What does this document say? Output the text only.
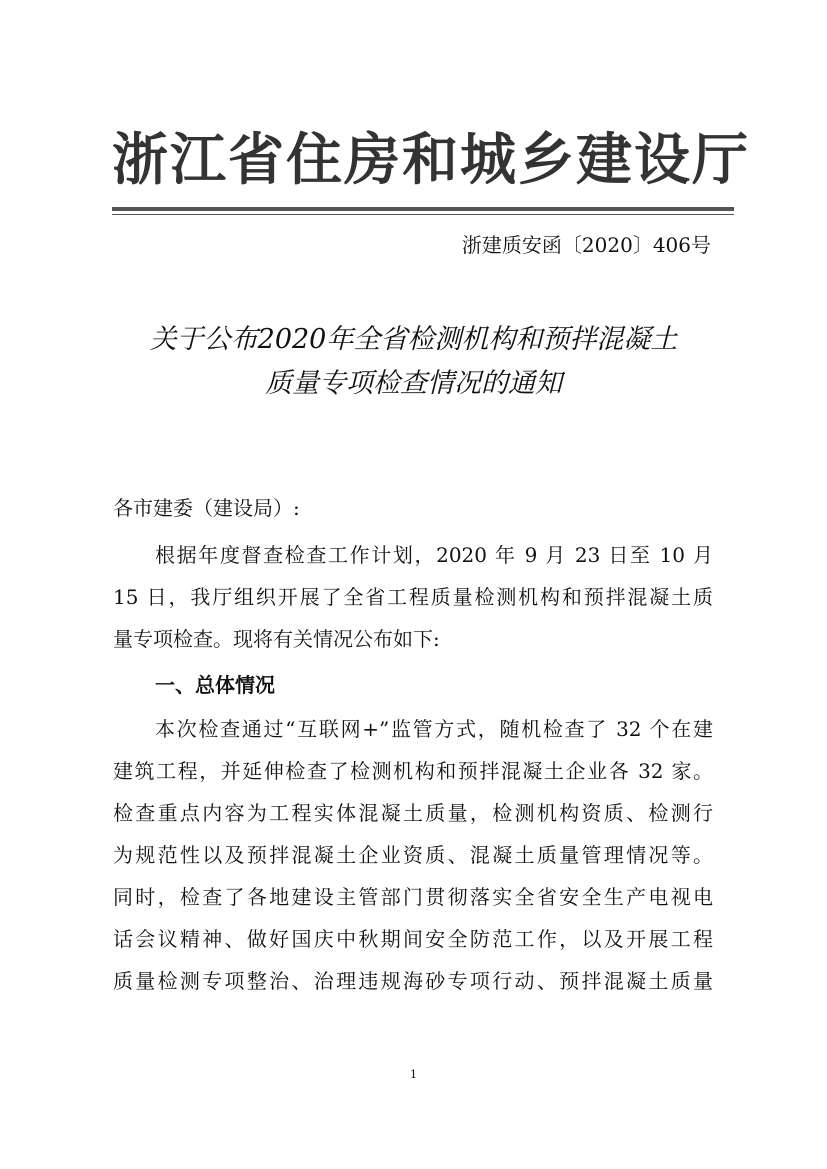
浙江省住房和城乡建设厅
浙建质安函〔2020〕406号
关于公布2020年全省检测机构和预拌混凝土
质量专项检查情况的通知
各市建委（建设局）:
根据年度督查检查工作计划，2020 年 9 月 23 日至 10 月
15 日，我厅组织开展了全省工程质量检测机构和预拌混凝土质
量专项检查。现将有关情况公布如下:
一、总体情况
本次检查通过“互联网+”监管方式，随机检查了 32 个在建
建筑工程，并延伸检查了检测机构和预拌混凝土企业各 32 家。
检查重点内容为工程实体混凝土质量，检测机构资质、检测行
为规范性以及预拌混凝土企业资质、混凝土质量管理情况等。
同时，检查了各地建设主管部门贯彻落实全省安全生产电视电
话会议精神、做好国庆中秋期间安全防范工作，以及开展工程
质量检测专项整治、治理违规海砂专项行动、预拌混凝土质量
1
